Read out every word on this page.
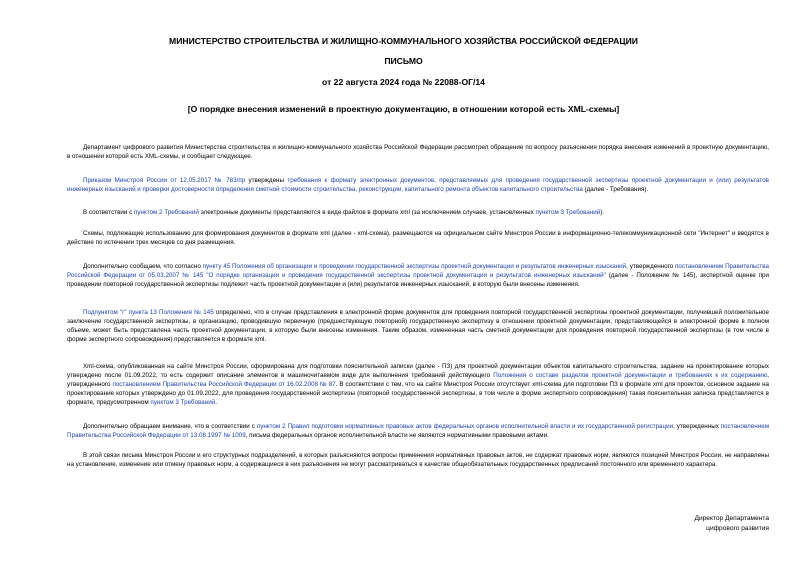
МИНИСТЕРСТВО СТРОИТЕЛЬСТВА И ЖИЛИЩНО-КОММУНАЛЬНОГО ХОЗЯЙСТВА РОССИЙСКОЙ ФЕДЕРАЦИИ
ПИСЬМО
от 22 августа 2024 года № 22088-ОГ/14
[О порядке внесения изменений в проектную документацию, в отношении которой есть XML-схемы]

Департамент цифрового развития Министерства строительства и жилищно-коммунального хозяйства Российской Федерации рассмотрел обращение по вопросу разъяснения порядка внесения изменений в проектную документацию, в отношении которой есть XML-схемы, и сообщает следующее.

Приказом Минстроя России от 12.05.2017 № 783/пр утверждены требования к формату электронных документов, представляемых для проведения государственной экспертизы проектной документации и (или) результатов инженерных изысканий и проверки достоверности определения сметной стоимости строительства, реконструкции, капитального ремонта объектов капитального строительства (далее - Требования).

В соответствии с пунктом 2 Требований электронные документы представляются в виде файлов в формате xml (за исключением случаев, установленных пунктом 3 Требований).

Схемы, подлежащие использованию для формирования документов в формате xml (далее - xml-схема), размещаются на официальном сайте Минстроя России в информационно-телекоммуникационной сети "Интернет" и вводятся в действие по истечении трех месяцев со дня размещения.

Дополнительно сообщаем, что согласно пункту 45 Положения об организации и проведении государственной экспертизы проектной документации и результатов инженерных изысканий, утвержденного постановлением Правительства Российской Федерации от 05.03.2007 № 145 "О порядке организации и проведения государственной экспертизы проектной документации и результатов инженерных изысканий" (далее - Положение № 145), экспертной оценке при проведении повторной государственной экспертизы подлежит часть проектной документации и (или) результатов инженерных изысканий, в которую были внесены изменения.

Подпунктом "г" пункта 13 Положения № 145 определено, что в случае представления в электронной форме документов для проведения повторной государственной экспертизы проектной документации, получившей положительное заключение государственной экспертизы, в организацию, проводившую первичную (предшествующую повторной) государственную экспертизу в отношении проектной документации, представляющейся в электронной форме в полном объеме, может быть представлена часть проектной документации, в которую были внесены изменения. Таким образом, измененная часть сметной документации для проведения повторной государственной экспертизы (в том числе в форме экспертного сопровождения) представляется в формате xml.

Xml-схема, опубликованная на сайте Минстроя России, сформирована для подготовки пояснительной записки (далее - ПЗ) для проектной документации объектов капитального строительства, задание на проектирование которых утверждено после 01.09.2022, то есть содержит описание элементов в машиночитаемом виде для выполнения требований действующего Положения о составе разделов проектной документации и требованиях к их содержанию, утвержденного постановлением Правительства Российской Федерации от 16.02.2008 № 87. В соответствии с тем, что на сайте Минстроя России отсутствует xml-схема для подготовки ПЗ в формате xml для проектов, основное задание на проектирование которых утверждено до 01.09.2022, для проведения государственной экспертизы (повторной государственной экспертизы, в том числе в форме экспертного сопровождения) такая пояснительная записка представляется в формате, предусмотренном пунктом 3 Требований.

Дополнительно обращаем внимание, что в соответствии с пунктом 2 Правил подготовки нормативных правовых актов федеральных органов исполнительной власти и их государственной регистрации, утвержденных постановлением Правительства Российской Федерации от 13.08.1997 № 1009, письма федеральных органов исполнительной власти не являются нормативными правовыми актами.

В этой связи письма Минстроя России и его структурных подразделений, в которых разъясняются вопросы применения нормативных правовых актов, не содержат правовых норм, являются позицией Минстроя России, не направлены на установление, изменение или отмену правовых норм, а содержащиеся в них разъяснения не могут рассматриваться в качестве общеобязательных государственных предписаний постоянного или временного характера.

Директор Департамента
цифрового развития
